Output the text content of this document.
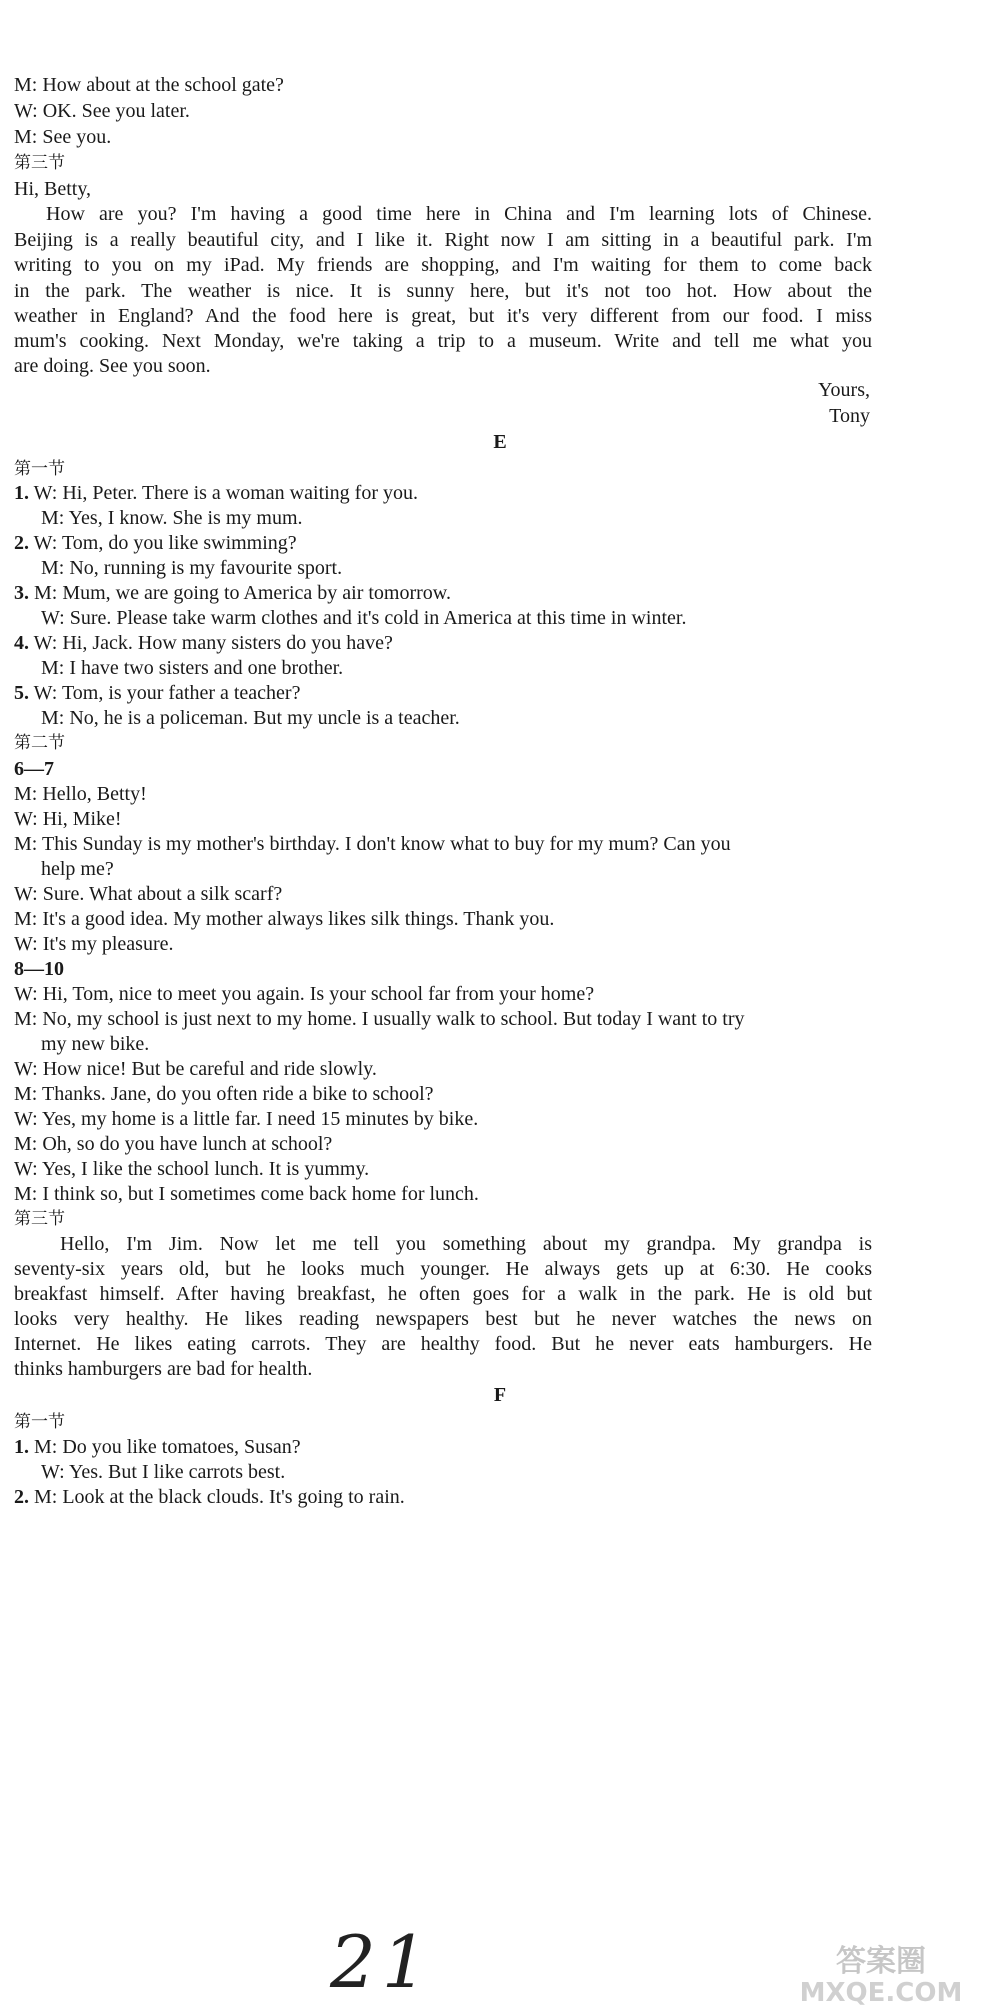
M: How about at the school gate?
W: OK. See you later.
M: See you.
第三节
Hi, Betty,
How are you? I'm having a good time here in China and I'm learning lots of Chinese.
Beijing is a really beautiful city, and I like it. Right now I am sitting in a beautiful park. I'm
writing to you on my iPad. My friends are shopping, and I'm waiting for them to come back
in the park. The weather is nice. It is sunny here, but it's not too hot. How about the
weather in England? And the food here is great, but it's very different from our food. I miss
mum's cooking. Next Monday, we're taking a trip to a museum. Write and tell me what you
are doing. See you soon.
Yours,
Tony
E
第一节
1. W: Hi, Peter. There is a woman waiting for you.
M: Yes, I know. She is my mum.
2. W: Tom, do you like swimming?
M: No, running is my favourite sport.
3. M: Mum, we are going to America by air tomorrow.
W: Sure. Please take warm clothes and it's cold in America at this time in winter.
4. W: Hi, Jack. How many sisters do you have?
M: I have two sisters and one brother.
5. W: Tom, is your father a teacher?
M: No, he is a policeman. But my uncle is a teacher.
第二节
6—7
M: Hello, Betty!
W: Hi, Mike!
M: This Sunday is my mother's birthday. I don't know what to buy for my mum? Can you
help me?
W: Sure. What about a silk scarf?
M: It's a good idea. My mother always likes silk things. Thank you.
W: It's my pleasure.
8—10
W: Hi, Tom, nice to meet you again. Is your school far from your home?
M: No, my school is just next to my home. I usually walk to school. But today I want to try
my new bike.
W: How nice! But be careful and ride slowly.
M: Thanks. Jane, do you often ride a bike to school?
W: Yes, my home is a little far. I need 15 minutes by bike.
M: Oh, so do you have lunch at school?
W: Yes, I like the school lunch. It is yummy.
M: I think so, but I sometimes come back home for lunch.
第三节
Hello, I'm Jim. Now let me tell you something about my grandpa. My grandpa is
seventy-six years old, but he looks much younger. He always gets up at 6:30. He cooks
breakfast himself. After having breakfast, he often goes for a walk in the park. He is old but
looks very healthy. He likes reading newspapers best but he never watches the news on
Internet. He likes eating carrots. They are healthy food. But he never eats hamburgers. He
thinks hamburgers are bad for health.
F
第一节
1. M: Do you like tomatoes, Susan?
W: Yes. But I like carrots best.
2. M: Look at the black clouds. It's going to rain.
21	答案圈
MXQE.COM
